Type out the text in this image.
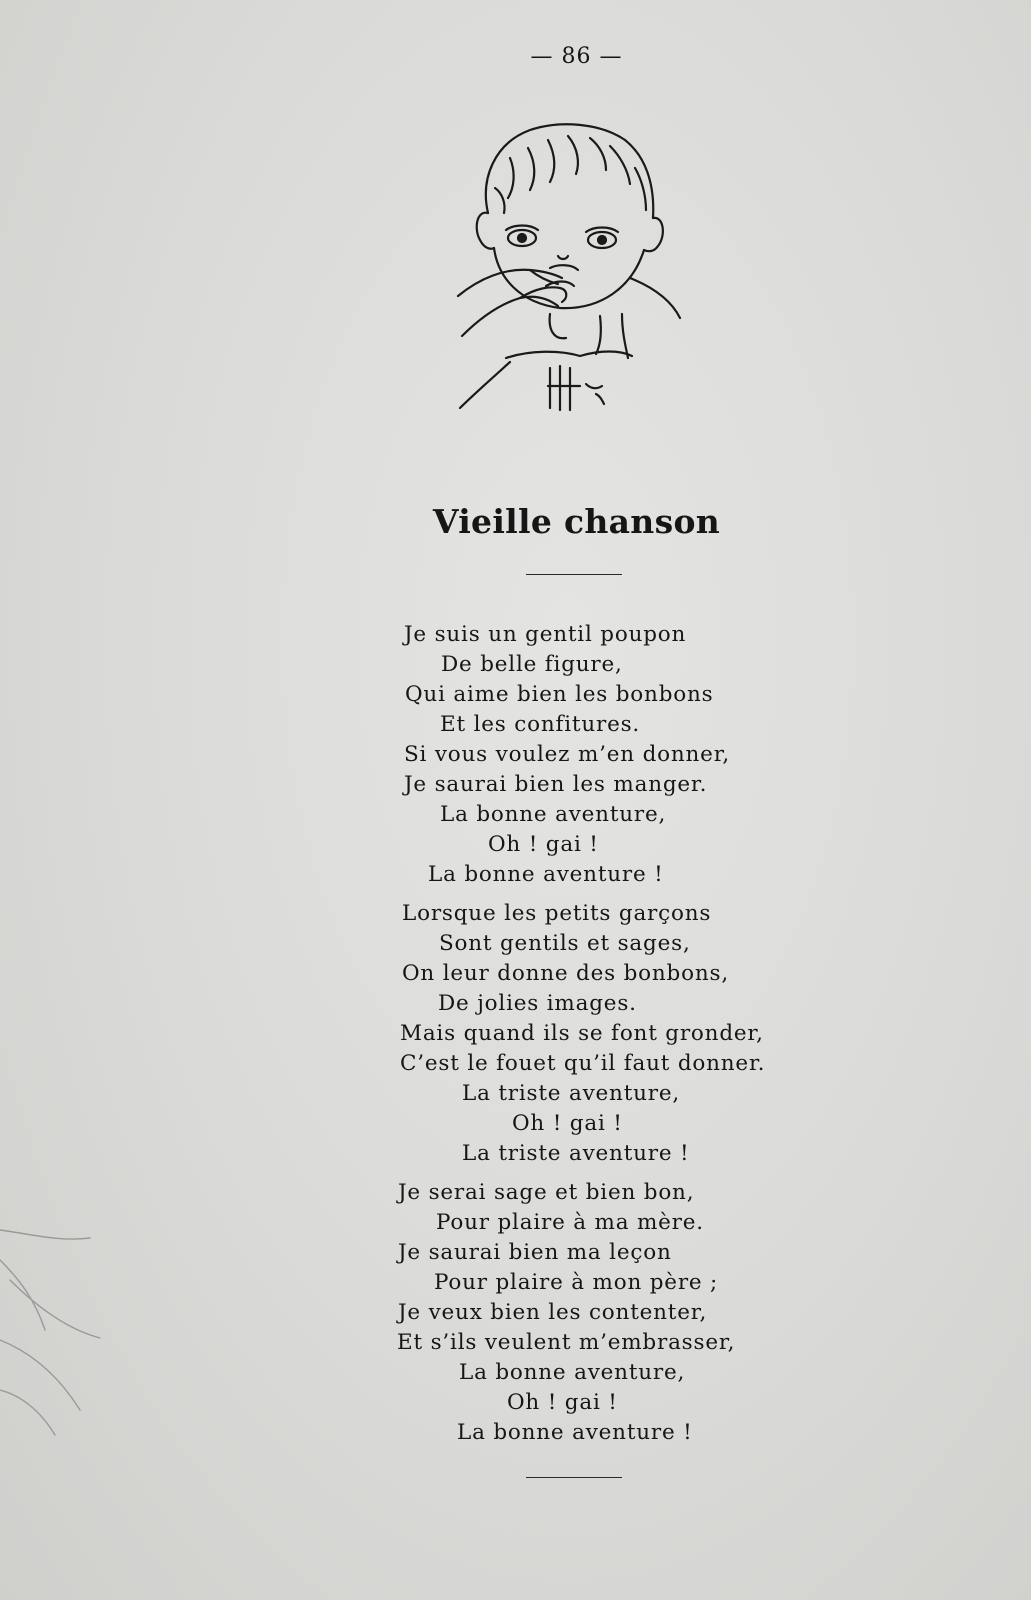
— 86 —
Vieille chanson
Je suis un gentil poupon
De belle figure,
Qui aime bien les bonbons
Et les confitures.
Si vous voulez m’en donner,
Je saurai bien les manger.
La bonne aventure,
Oh ! gai !
La bonne aventure !
Lorsque les petits garçons
Sont gentils et sages,
On leur donne des bonbons,
De jolies images.
Mais quand ils se font gronder,
C’est le fouet qu’il faut donner.
La triste aventure,
Oh ! gai !
La triste aventure !
Je serai sage et bien bon,
Pour plaire à ma mère.
Je saurai bien ma leçon
Pour plaire à mon père ;
Je veux bien les contenter,
Et s’ils veulent m’embrasser,
La bonne aventure,
Oh ! gai !
La bonne aventure !
